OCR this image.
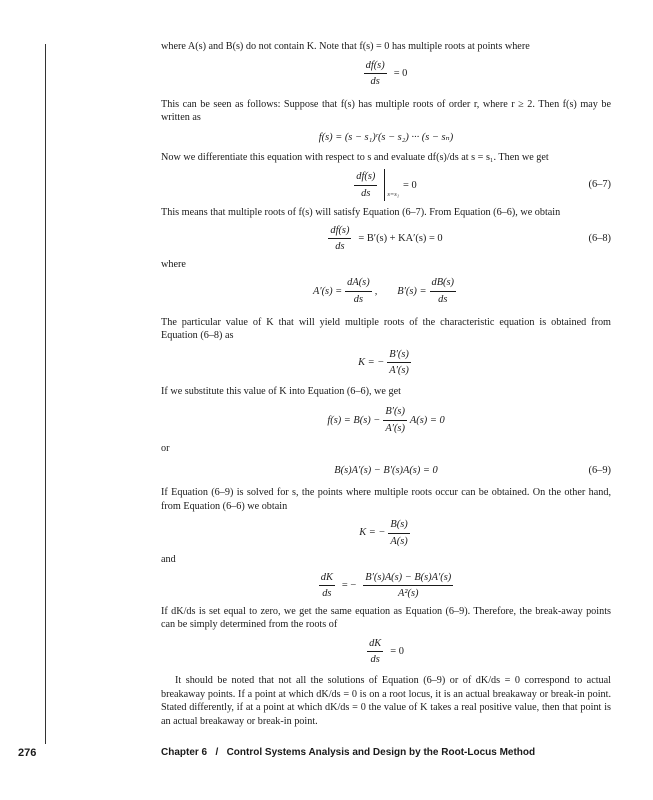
where A(s) and B(s) do not contain K. Note that f(s) = 0 has multiple roots at points where

$\frac{df(s)}{ds} = 0$

This can be seen as follows: Suppose that f(s) has multiple roots of order r, where r ≥ 2. Then f(s) may be written as

f(s) = (s − s₁)ʳ(s − s₂) ··· (s − sₙ)

Now we differentiate this equation with respect to s and evaluate df(s)/ds at s = s₁. Then we get

$\frac{df(s)}{ds} s=s_1$
= 0	(6–7)

This means that multiple roots of f(s) will satisfy Equation (6–7). From Equation (6–6), we obtain

$\frac{df(s)}{ds} = B'(s) + KA'(s) = 0$	(6–8)

where

$A'(s) = \frac{dA(s)}{ds}$ , $B'(s) = \frac{dB(s)}{ds}$

The particular value of K that will yield multiple roots of the characteristic equation is obtained from Equation (6–8) as

K = − $\frac{B'(s)}{A'(s)}$

If we substitute this value of K into Equation (6–6), we get

$f(s) = B(s) - \frac{B'(s)}{A'(s)} A(s) = 0$

or

B(s)A′(s) − B′(s)A(s) = 0	(6–9)

If Equation (6–9) is solved for s, the points where multiple roots occur can be obtained. On the other hand, from Equation (6–6) we obtain

K = − $\frac{B(s)}{A(s)}$

and

$\frac{dK}{ds}$ = − $\frac{B'(s)A(s) - B(s)A'(s)}{\text{A²(s)}}$

If dK/ds is set equal to zero, we get the same equation as Equation (6–9). Therefore, the break-away points can be simply determined from the roots of

$\frac{dK}{ds} = 0$

It should be noted that not all the solutions of Equation (6–9) or of dK/ds = 0 correspond to actual breakaway points. If a point at which dK/ds = 0 is on a root locus, it is an actual breakaway or break-in point. Stated differently, if at a point at which dK/ds = 0 the value of K takes a real positive value, then that point is an actual breakaway or break-in point.

276	Chapter 6   /   Control Systems Analysis and Design by the Root-Locus Method
